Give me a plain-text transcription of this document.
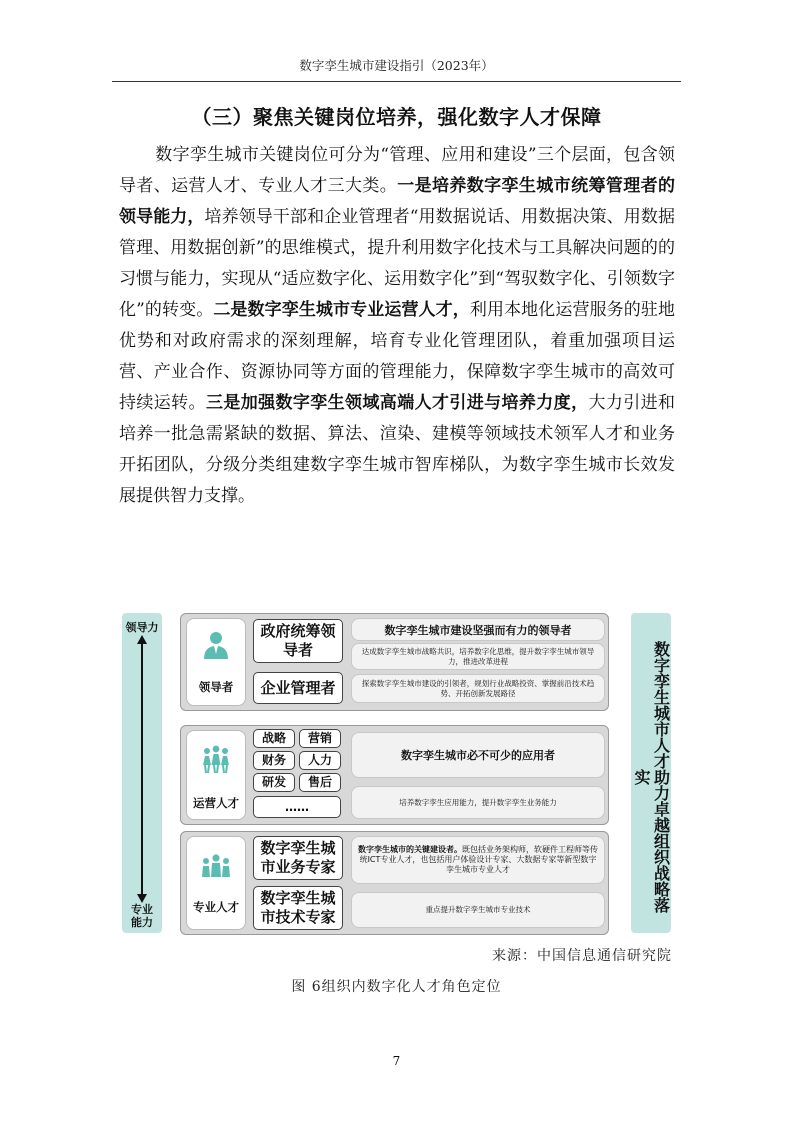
数字孪生城市建设指引（2023年）
（三）聚焦关键岗位培养，强化数字人才保障

数字孪生城市关键岗位可分为“管理、应用和建设”三个层面，包含领导者、运营人才、专业人才三大类。一是培养数字孪生城市统筹管理者的领导能力，培养领导干部和企业管理者“用数据说话、用数据决策、用数据管理、用数据创新”的思维模式，提升利用数字化技术与工具解决问题的的习惯与能力，实现从“适应数字化、运用数字化”到“驾驭数字化、引领数字化”的转变。二是数字孪生城市专业运营人才，利用本地化运营服务的驻地优势和对政府需求的深刻理解，培育专业化管理团队，着重加强项目运营、产业合作、资源协同等方面的管理能力，保障数字孪生城市的高效可持续运转。三是加强数字孪生领域高端人才引进与培养力度，大力引进和培养一批急需紧缺的数据、算法、渲染、建模等领域技术领军人才和业务开拓团队，分级分类组建数字孪生城市智库梯队，为数字孪生城市长效发展提供智力支撑。

领导力
专业
能力
领导者
政府统筹领导者
企业管理者
数字孪生城市建设坚强而有力的领导者
达成数字孪生城市战略共识，培养数字化思维，提升数字孪生城市领导力，推进改革进程
探索数字孪生城市建设的引领者，规划行业战略投资、掌握前沿技术趋势、开拓创新发展路径
运营人才
战略	营销
财务	人力
研发	售后
……
数字孪生城市必不可少的应用者
培养数字孪生应用能力，提升数字孪生业务能力
专业人才
数字孪生城市业务专家
数字孪生城市技术专家
数字孪生城市的关键建设者。既包括业务架构师，软硬件工程师等传统ICT专业人才，也包括用户体验设计专家、大数据专家等新型数字孪生城市专业人才
重点提升数字孪生城市专业技术	数字孪生城市人才助力卓越组织战略落实
来源：中国信息通信研究院
图 6组织内数字化人才角色定位
7
